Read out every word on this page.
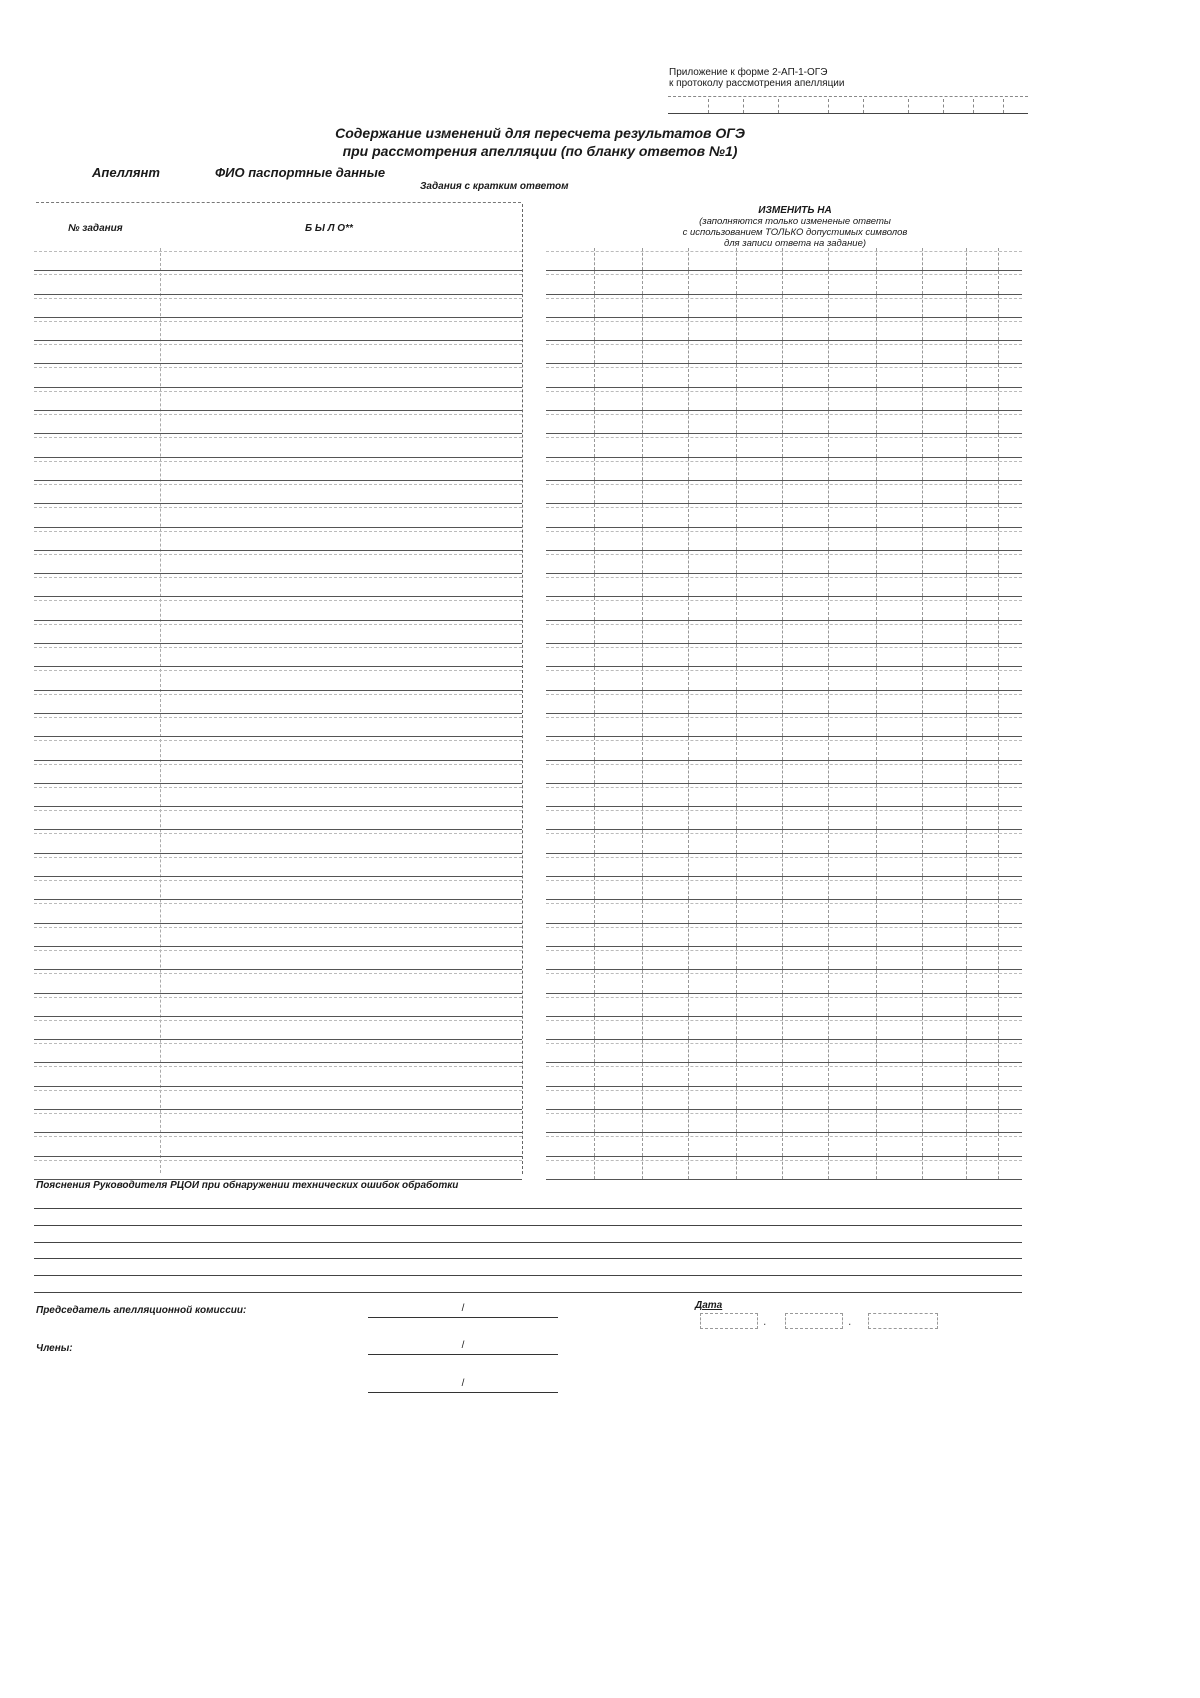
Приложение к форме 2-АП-1-ОГЭ
к протоколу рассмотрения апелляции
Содержание изменений для пересчета результатов ОГЭ
при рассмотрения апелляции (по бланку ответов №1)
Апеллянт	ФИО паспортные данные
Задания с кратким ответом
№ задания	Б Ы Л О**
ИЗМЕНИТЬ НА
(заполняются только измененые ответы
с использованием ТОЛЬКО допустимых символов
для записи ответа на задание)
Пояснения Руководителя РЦОИ при обнаружении технических ошибок обработки
Председатель апелляционной комиссии:	/
Члены:	/
/
Дата
.	.
